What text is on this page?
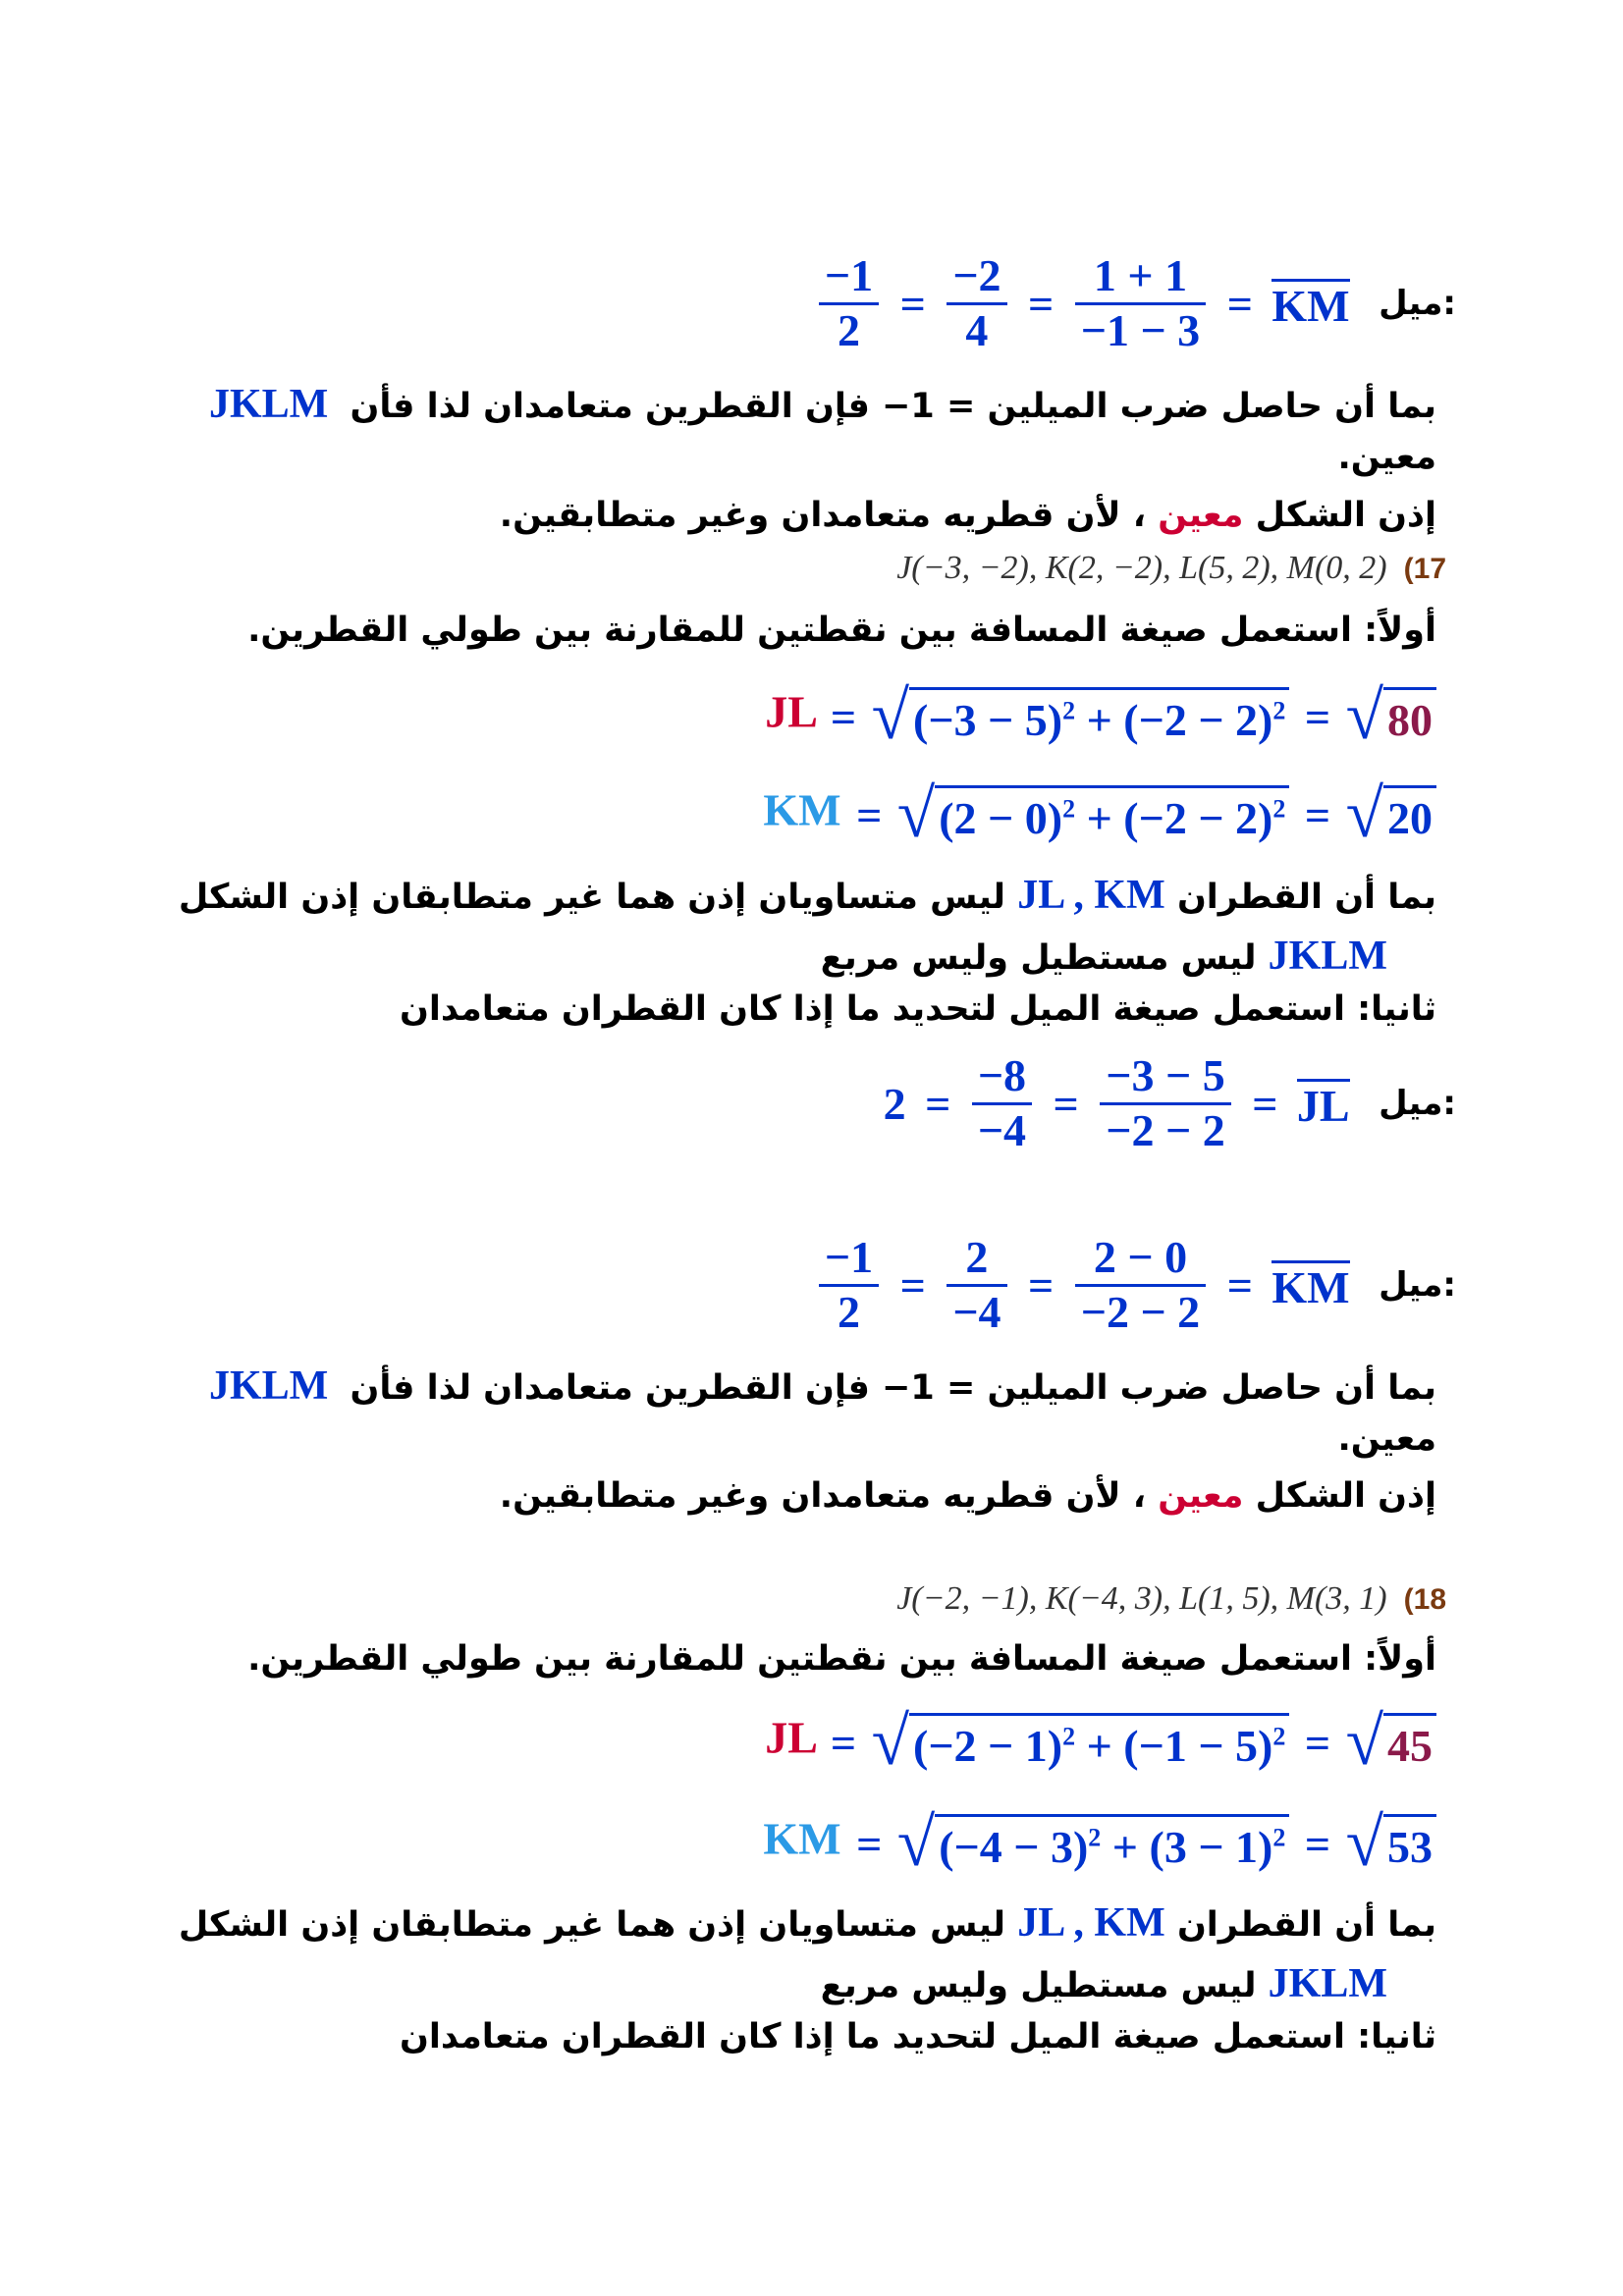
$\frac{-1}{2} = \frac{-2}{4} = \frac{1 + 1}{-1 - 3}$ = KM ميل:
بما أن حاصل ضرب الميلين = 1− فإن القطرين متعامدان لذا فأن JKLM
معين.
إذن الشكل معين ، لأن قطريه متعامدان وغير متطابقين.
J(−3, −2), K(2, −2), L(5, 2), M(0, 2) (17
أولاً: استعمل صيغة المسافة بين نقطتين للمقارنة بين طولي القطرين.
JL = $√(-3 - 5)^2 + (-2 - 2)^2 = √80$
KM = $√(2 - 0)^2 + (-2 - 2)^2 = √20$
بما أن القطران JL , KM ليس متساويان إذن هما غير متطابقان إذن الشكل
JKLM ليس مستطيل وليس مربع
ثانيا: استعمل صيغة الميل لتحديد ما إذا كان القطران متعامدان
$2 = \frac{-8}{-4} = \frac{-3 - 5}{-2 - 2}$ = JL ميل:
$\frac{-1}{2} = \frac{2}{-4} = \frac{2 - 0}{-2 - 2}$ = KM ميل:
بما أن حاصل ضرب الميلين = 1− فإن القطرين متعامدان لذا فأن JKLM
معين.
إذن الشكل معين ، لأن قطريه متعامدان وغير متطابقين.
J(−2, −1), K(−4, 3), L(1, 5), M(3, 1) (18
أولاً: استعمل صيغة المسافة بين نقطتين للمقارنة بين طولي القطرين.
JL = $√(-2 - 1)^2 + (-1 - 5)^2 = √45$
KM = $√(-4 - 3)^2 + (3 - 1)^2 = √53$
بما أن القطران JL , KM ليس متساويان إذن هما غير متطابقان إذن الشكل
JKLM ليس مستطيل وليس مربع
ثانيا: استعمل صيغة الميل لتحديد ما إذا كان القطران متعامدان
